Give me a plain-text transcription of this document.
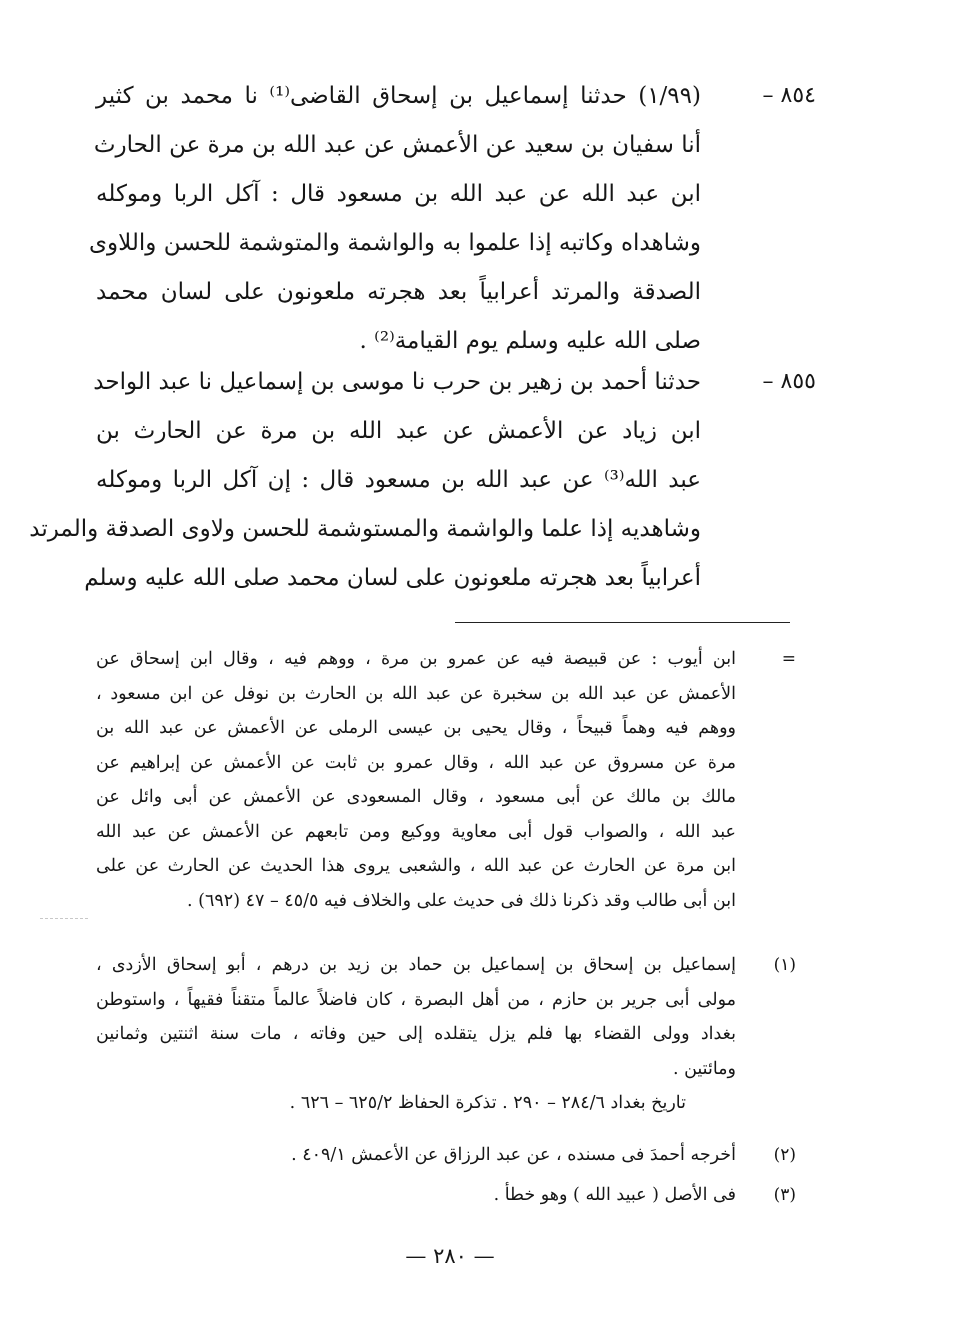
٨٥٤ –
(١/٩٩) حدثنا إسماعيل بن إسحاق القاضى⁽¹⁾ نا محمد بن كثير
أنا سفيان بن سعيد عن الأعمش عن عبد الله بن مرة عن الحارث
ابن عبد الله عن عبد الله بن مسعود قال : آكل الربا وموكله
وشاهداه وكاتبه إذا علموا به والواشمة والمتوشمة للحسن واللاوى
الصدقة والمرتد أعرابياً بعد هجرته ملعونون على لسان محمد
صلى الله عليه وسلم يوم القيامة⁽²⁾ .
٨٥٥ –
حدثنا أحمد بن زهير بن حرب نا موسى بن إسماعيل نا عبد الواحد
ابن زياد عن الأعمش عن عبد الله بن مرة عن الحارث بن
عبد الله⁽³⁾ عن عبد الله بن مسعود قال : إن آكل الربا وموكله
وشاهديه إذا علما والواشمة والمستوشمة للحسن ولاوى الصدقة والمرتد
أعرابياً بعد هجرته ملعونون على لسان محمد صلى الله عليه وسلم
=
ابن أيوب : عن قبيصة فيه عن عمرو بن مرة ، ووهم فيه ، وقال ابن إسحاق عن
الأعمش عن عبد الله بن سخبرة عن عبد الله بن الحارث بن نوفل عن ابن مسعود ،
ووهم فيه وهماً قبيحاً ، وقال يحيى بن عيسى الرملى عن الأعمش عن عبد الله بن
مرة عن مسروق عن عبد الله ، وقال عمرو بن ثابت عن الأعمش عن إبراهيم عن
مالك بن مالك عن أبى مسعود ، وقال المسعودى عن الأعمش عن أبى وائل عن
عبد الله ، والصواب قول أبى معاوية ووكيع ومن تابعهم عن الأعمش عن عبد الله
ابن مرة عن الحارث عن عبد الله ، والشعبى يروى هذا الحديث عن الحارث عن على
ابن أبى طالب وقد ذكرنا ذلك فى حديث على والخلاف فيه ٤٥/٥ – ٤٧ (٦٩٢) .
(١)
إسماعيل بن إسحاق بن إسماعيل بن حماد بن زيد بن درهم ، أبو إسحاق الأزدى ،
مولى أبى جرير بن حازم ، من أهل البصرة ، كان فاضلاً عالماً متقناً فقيهاً ، واستوطن
بغداد وولى القضاء بها فلم يزل يتقلده إلى حين وفاته ، مات سنة اثنتين وثمانين
ومائتين .
تاريخ بغداد ٢٨٤/٦ – ٢٩٠ . تذكرة الحفاظ ٦٢٥/٢ – ٦٢٦ .
(٢)
أخرجه أحمدَ فى مسنده ، عن عبد الرزاق عن الأعمش ٤٠٩/١ .
(٣)
فى الأصل ( عبيد الله ) وهو خطأ .
— ٢٨٠ —
